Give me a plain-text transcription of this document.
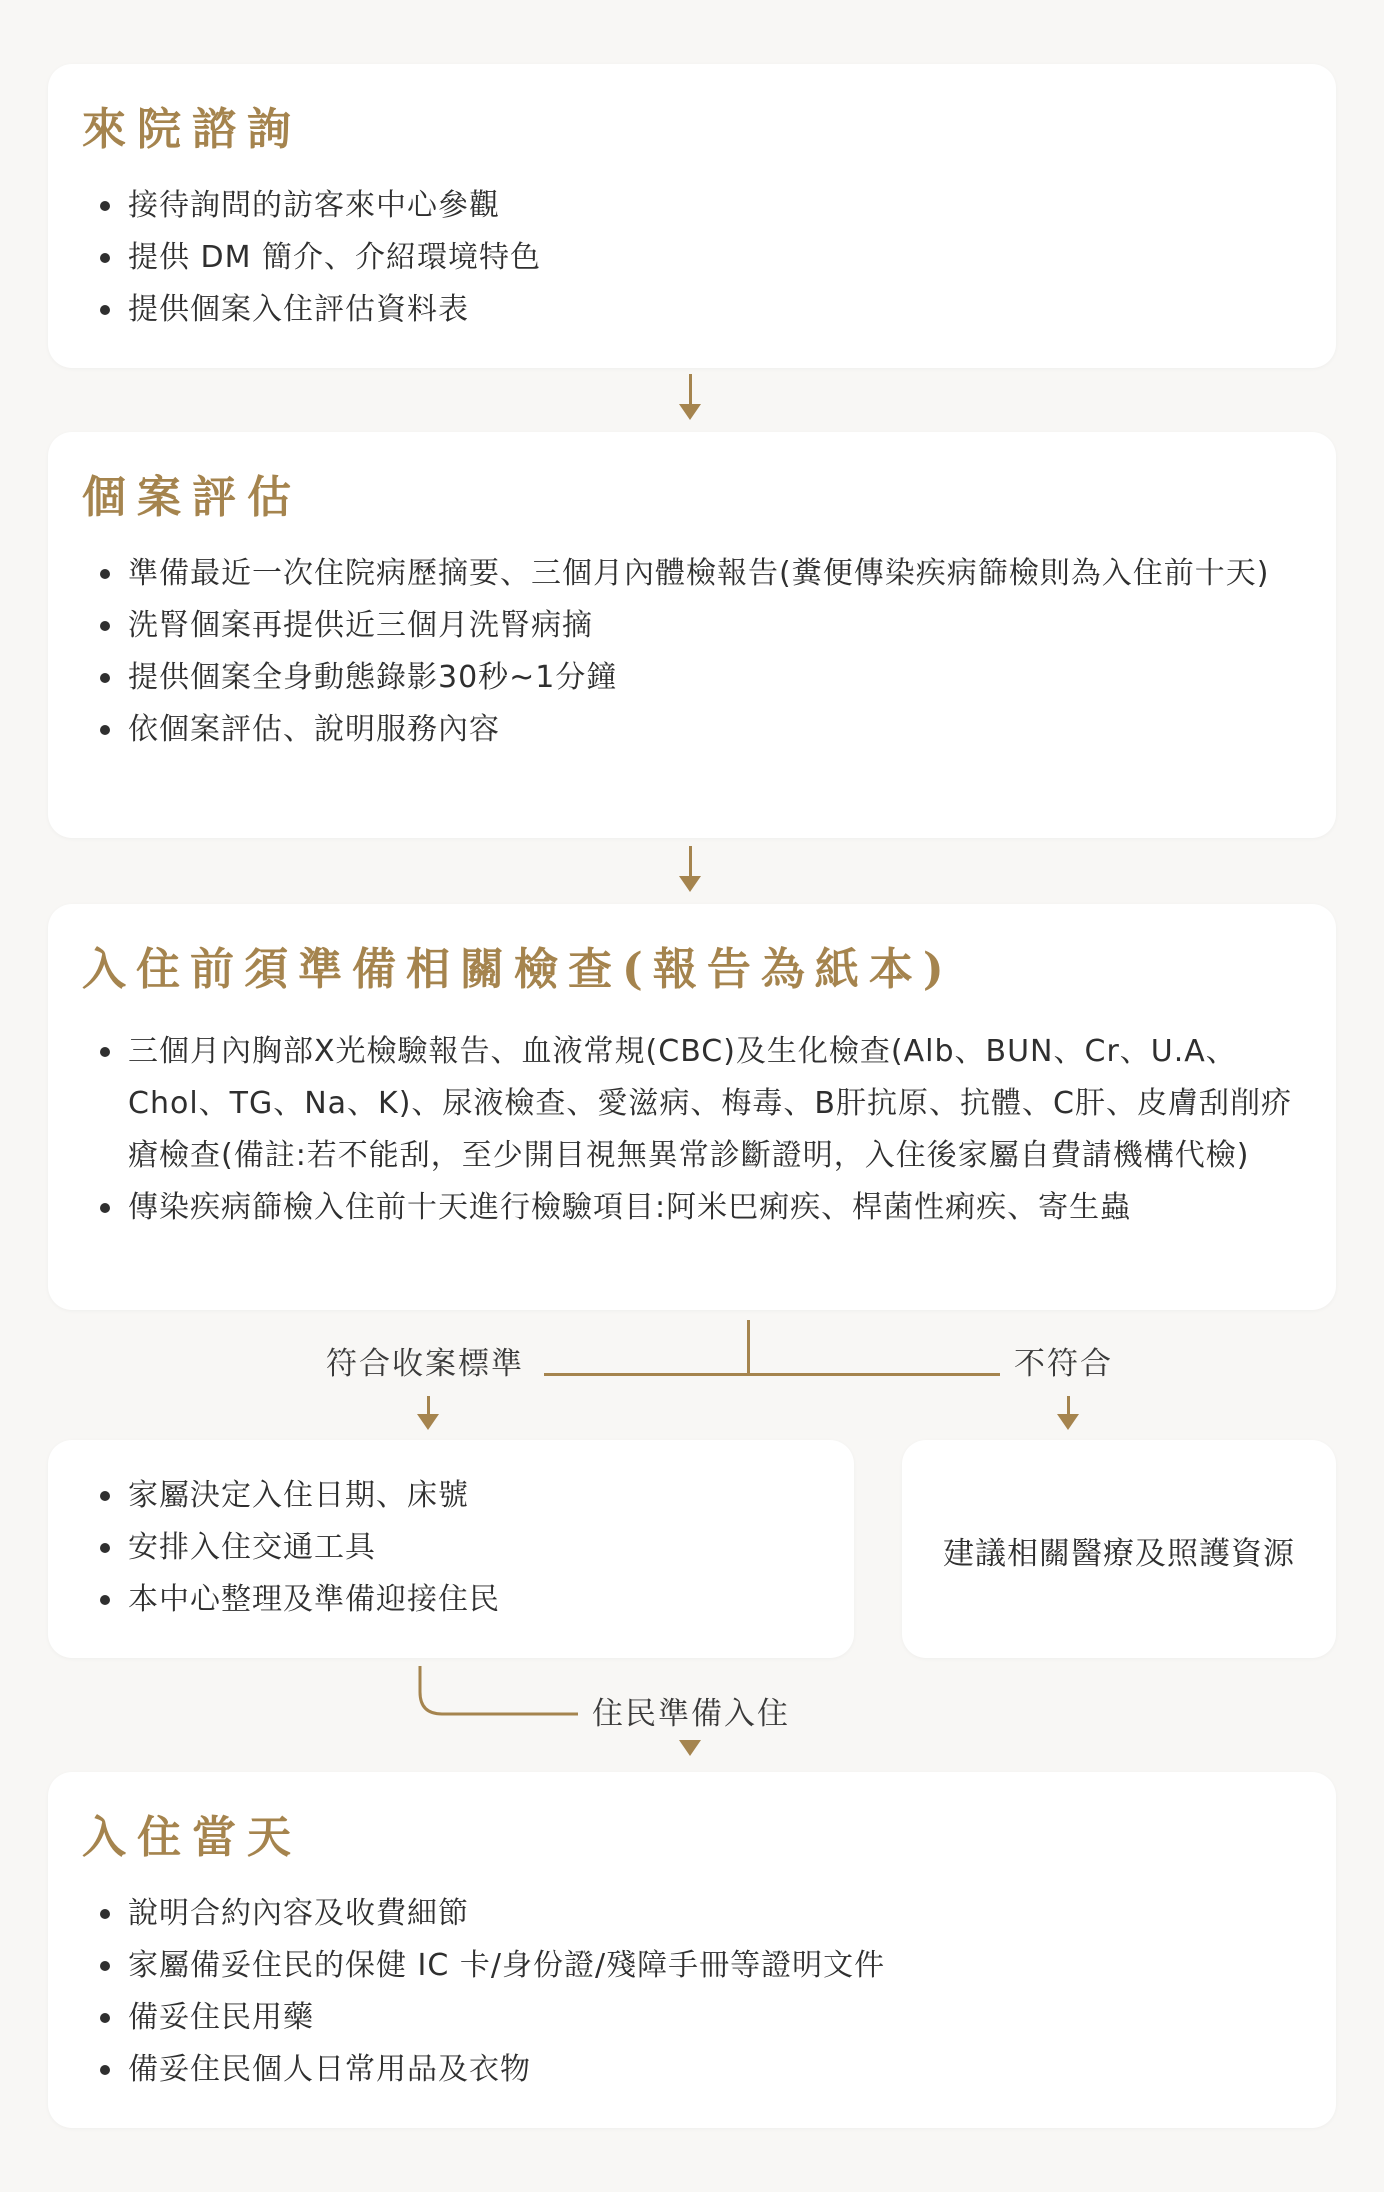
來院諮詢
接待詢問的訪客來中心參觀
提供 DM 簡介、介紹環境特色
提供個案入住評估資料表
個案評估
準備最近一次住院病歷摘要、三個月內體檢報告(糞便傳染疾病篩檢則為入住前十天)
洗腎個案再提供近三個月洗腎病摘
提供個案全身動態錄影30秒~1分鐘
依個案評估、說明服務內容
入住前須準備相關檢查(報告為紙本)
三個月內胸部X光檢驗報告、血液常規(CBC)及生化檢查(Alb、BUN、Cr、U.A、Chol、TG、Na、K)、尿液檢查、愛滋病、梅毒、B肝抗原、抗體、C肝、皮膚刮削疥瘡檢查(備註:若不能刮，至少開目視無異常診斷證明，入住後家屬自費請機構代檢)
傳染疾病篩檢入住前十天進行檢驗項目:阿米巴痢疾、桿菌性痢疾、寄生蟲
符合收案標準	不符合
家屬決定入住日期、床號
安排入住交通工具
本中心整理及準備迎接住民
建議相關醫療及照護資源
住民準備入住
入住當天
說明合約內容及收費細節
家屬備妥住民的保健 IC 卡/身份證/殘障手冊等證明文件
備妥住民用藥
備妥住民個人日常用品及衣物
